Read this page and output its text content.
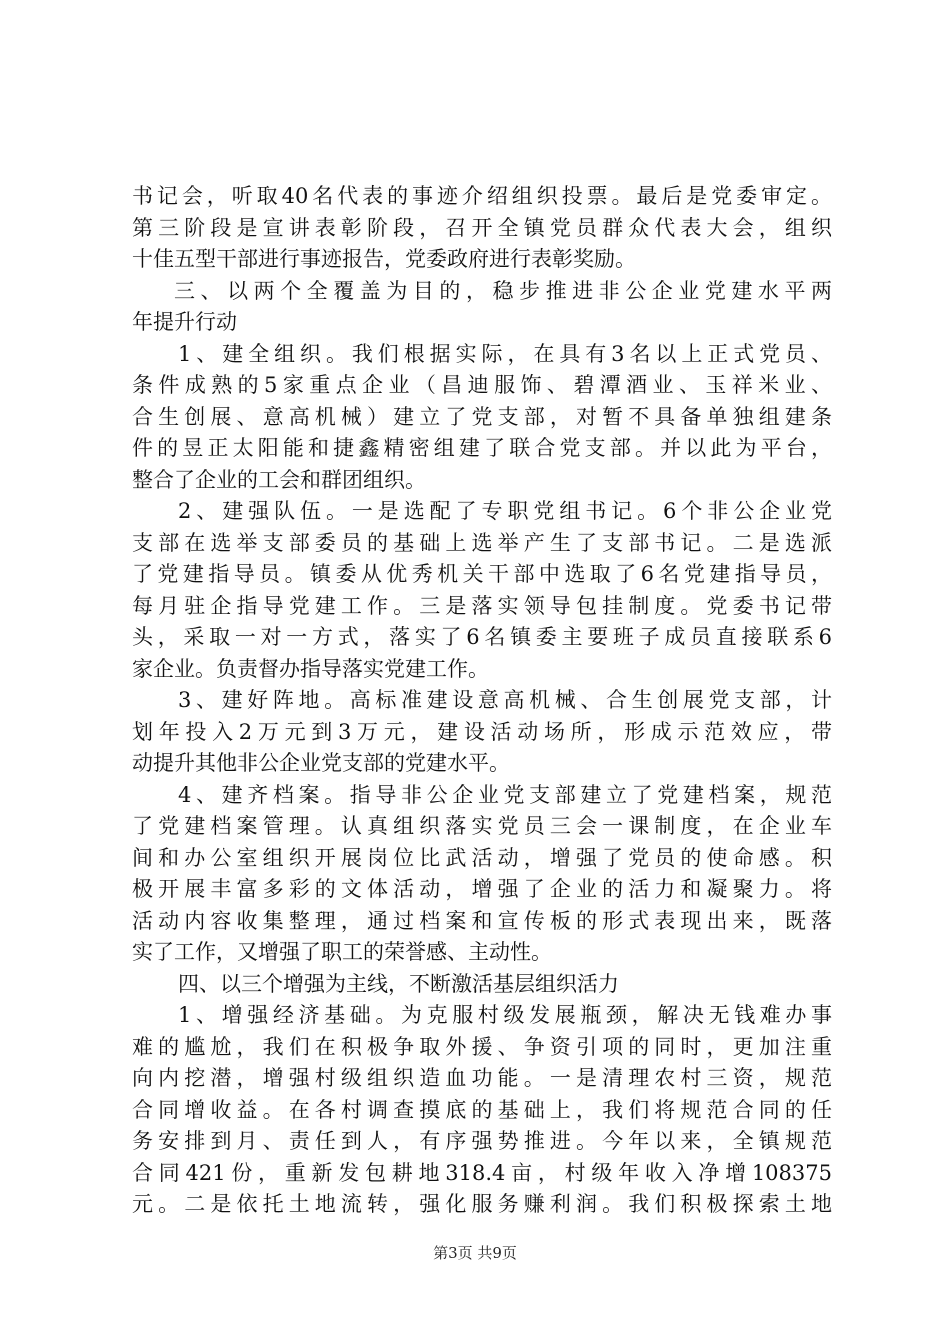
书记会，听取40名代表的事迹介绍组织投票。最后是党委审定。
第三阶段是宣讲表彰阶段，召开全镇党员群众代表大会，组织
十佳五型干部进行事迹报告，党委政府进行表彰奖励。
三、以两个全覆盖为目的，稳步推进非公企业党建水平两
年提升行动
1、建全组织。我们根据实际，在具有3名以上正式党员、
条件成熟的5家重点企业（昌迪服饰、碧潭酒业、玉祥米业、
合生创展、意高机械）建立了党支部，对暂不具备单独组建条
件的昱正太阳能和捷鑫精密组建了联合党支部。并以此为平台，
整合了企业的工会和群团组织。
2、建强队伍。一是选配了专职党组书记。6个非公企业党
支部在选举支部委员的基础上选举产生了支部书记。二是选派
了党建指导员。镇委从优秀机关干部中选取了6名党建指导员，
每月驻企指导党建工作。三是落实领导包挂制度。党委书记带
头，采取一对一方式，落实了6名镇委主要班子成员直接联系6
家企业。负责督办指导落实党建工作。
3、建好阵地。高标准建设意高机械、合生创展党支部，计
划年投入2万元到3万元，建设活动场所，形成示范效应，带
动提升其他非公企业党支部的党建水平。
4、建齐档案。指导非公企业党支部建立了党建档案，规范
了党建档案管理。认真组织落实党员三会一课制度，在企业车
间和办公室组织开展岗位比武活动，增强了党员的使命感。积
极开展丰富多彩的文体活动，增强了企业的活力和凝聚力。将
活动内容收集整理，通过档案和宣传板的形式表现出来，既落
实了工作，又增强了职工的荣誉感、主动性。
四、以三个增强为主线，不断激活基层组织活力
1、增强经济基础。为克服村级发展瓶颈，解决无钱难办事
难的尴尬，我们在积极争取外援、争资引项的同时，更加注重
向内挖潜，增强村级组织造血功能。一是清理农村三资，规范
合同增收益。在各村调查摸底的基础上，我们将规范合同的任
务安排到月、责任到人，有序强势推进。今年以来，全镇规范
合同421份，重新发包耕地318.4亩，村级年收入净增108375
元。二是依托土地流转，强化服务赚利润。我们积极探索土地
第3页 共9页
